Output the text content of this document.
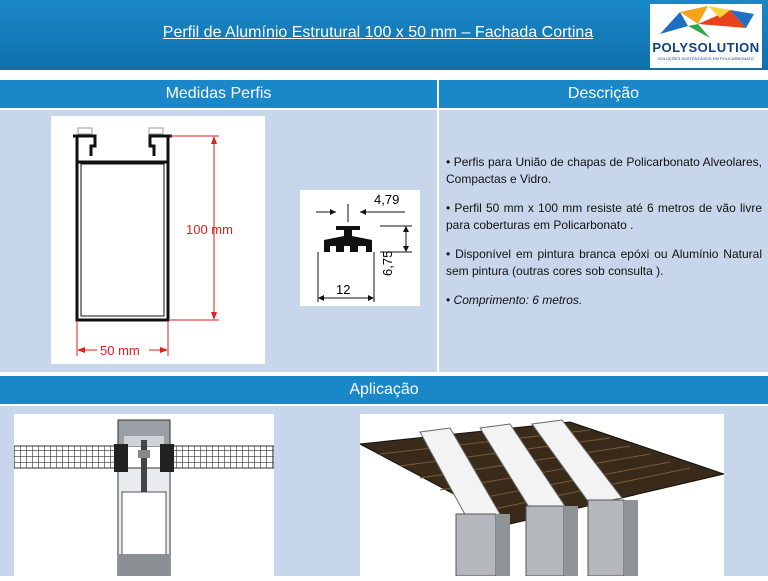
Perfil de Alumínio Estrutural 100 x 50 mm – Fachada Cortina
POLYSOLUTION
SOLUÇÕES SUSTENTÁVEIS EM POLICARBONATO
Medidas Perfis	Descrição
100 mm
50 mm
4,79
6,75
12

• Perfis para União de chapas de Policarbonato Alveolares, Compactas e Vidro.

• Perfil 50 mm x 100 mm resiste até 6 metros de vão livre para coberturas em Policarbonato .

• Disponível em pintura branca epóxi ou Alumínio Natural sem pintura (outras cores sob consulta ).

• Comprimento: 6 metros.

Aplicação
